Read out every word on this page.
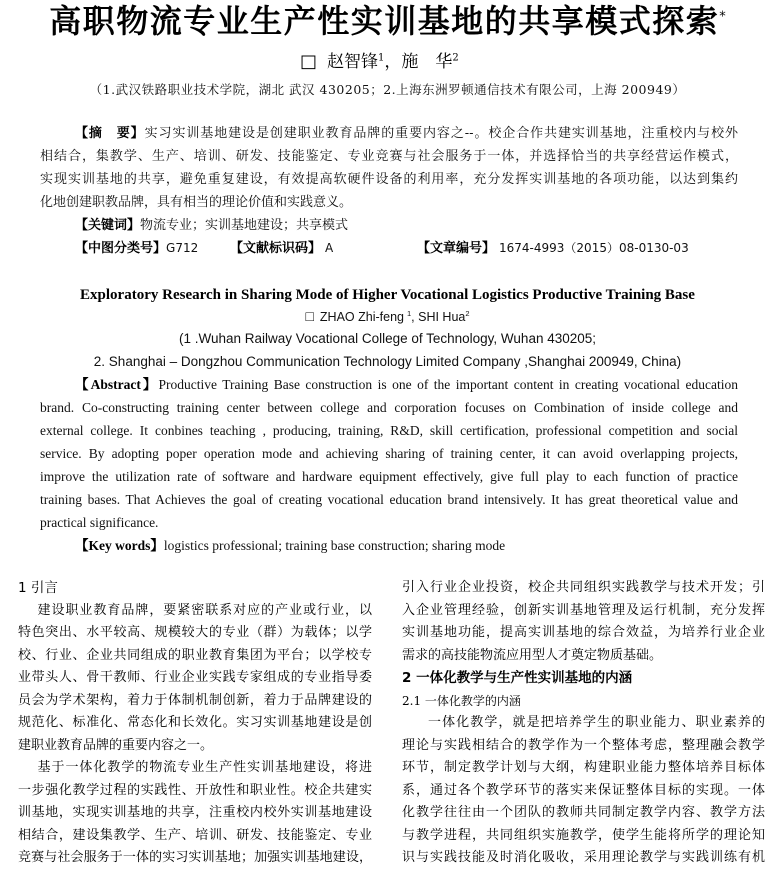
高职物流专业生产性实训基地的共享模式探索*
□ 赵智锋$^1$，施　华$^2$
（1.武汉铁路职业技术学院，湖北 武汉 430205；2.上海东洲罗顿通信技术有限公司，上海 200949）
【摘　要】实习实训基地建设是创建职业教育品牌的重要内容之--。校企合作共建实训基地，注重校内与校外
相结合，集教学、生产、培训、研发、技能鉴定、专业竞赛与社会服务于一体，并选择恰当的共享经营运作模式，
实现实训基地的共享，避免重复建设，有效提高软硬件设备的利用率，充分发挥实训基地的各项功能，以达到集约
化地创建职教品牌，具有相当的理论价值和实践意义。
【关键词】物流专业；实训基地建设；共享模式
【中图分类号】G712 【文献标识码】 A	【文章编号】 1674-4993（2015）08-0130-03
Exploratory Research in Sharing Mode of Higher Vocational Logistics Productive Training Base
□ ZHAO Zhi-feng $^1$, SHI Hua$^2$
(1 .Wuhan Railway Vocational College of Technology, Wuhan 430205;
2. Shanghai – Dongzhou Communication Technology Limited Company ,Shanghai 200949, China)
【Abstract】Productive Training Base construction is one of the important content in creating vocational education
brand. Co-constructing training center between college and corporation focuses on Combination of inside college and
external college. It conbines teaching , producing, training, R&D, skill certification, professional competition and social
service. By adopting poper operation mode and achieving sharing of training center, it can avoid overlapping projects,
improve the utilization rate of software and hardware equipment effectively, give full play to each function of practice
training bases. That Achieves the goal of creating vocational education brand intensively. It has great theoretical value and
practical significance.
【Key words】logistics professional; training base construction; sharing mode
1 引言
建设职业教育品牌，要紧密联系对应的产业或行业，以
特色突出、水平较高、规模较大的专业（群）为载体；以学
校、行业、企业共同组成的职业教育集团为平台；以学校专
业带头人、骨干教师、行业企业实践专家组成的专业指导委
员会为学术架构，着力于体制机制创新，着力于品牌建设的
规范化、标准化、常态化和长效化。实习实训基地建设是创
建职业教育品牌的重要内容之一。
基于一体化教学的物流专业生产性实训基地建设，将进
一步强化教学过程的实践性、开放性和职业性。校企共建实
训基地，实现实训基地的共享，注重校内校外实训基地建设
相结合，建设集教学、生产、培训、研发、技能鉴定、专业
竞赛与社会服务于一体的实习实训基地；加强实训基地建设，
引入行业企业投资，校企共同组织实践教学与技术开发；引
入企业管理经验，创新实训基地管理及运行机制，充分发挥
实训基地功能，提高实训基地的综合效益，为培养行业企业
需求的高技能物流应用型人才奠定物质基础。
2 一体化教学与生产性实训基地的内涵
2.1 一体化教学的内涵
一体化教学，就是把培养学生的职业能力、职业素养的
理论与实践相结合的教学作为一个整体考虑，整理融会教学
环节，制定教学计划与大纲，构建职业能力整体培养目标体
系，通过各个教学环节的落实来保证整体目标的实现。一体
化教学往往由一个团队的教师共同制定教学内容、教学方法
与教学进程，共同组织实施教学，使学生能将所学的理论知
识与实践技能及时消化吸收，采用理论教学与实践训练有机
